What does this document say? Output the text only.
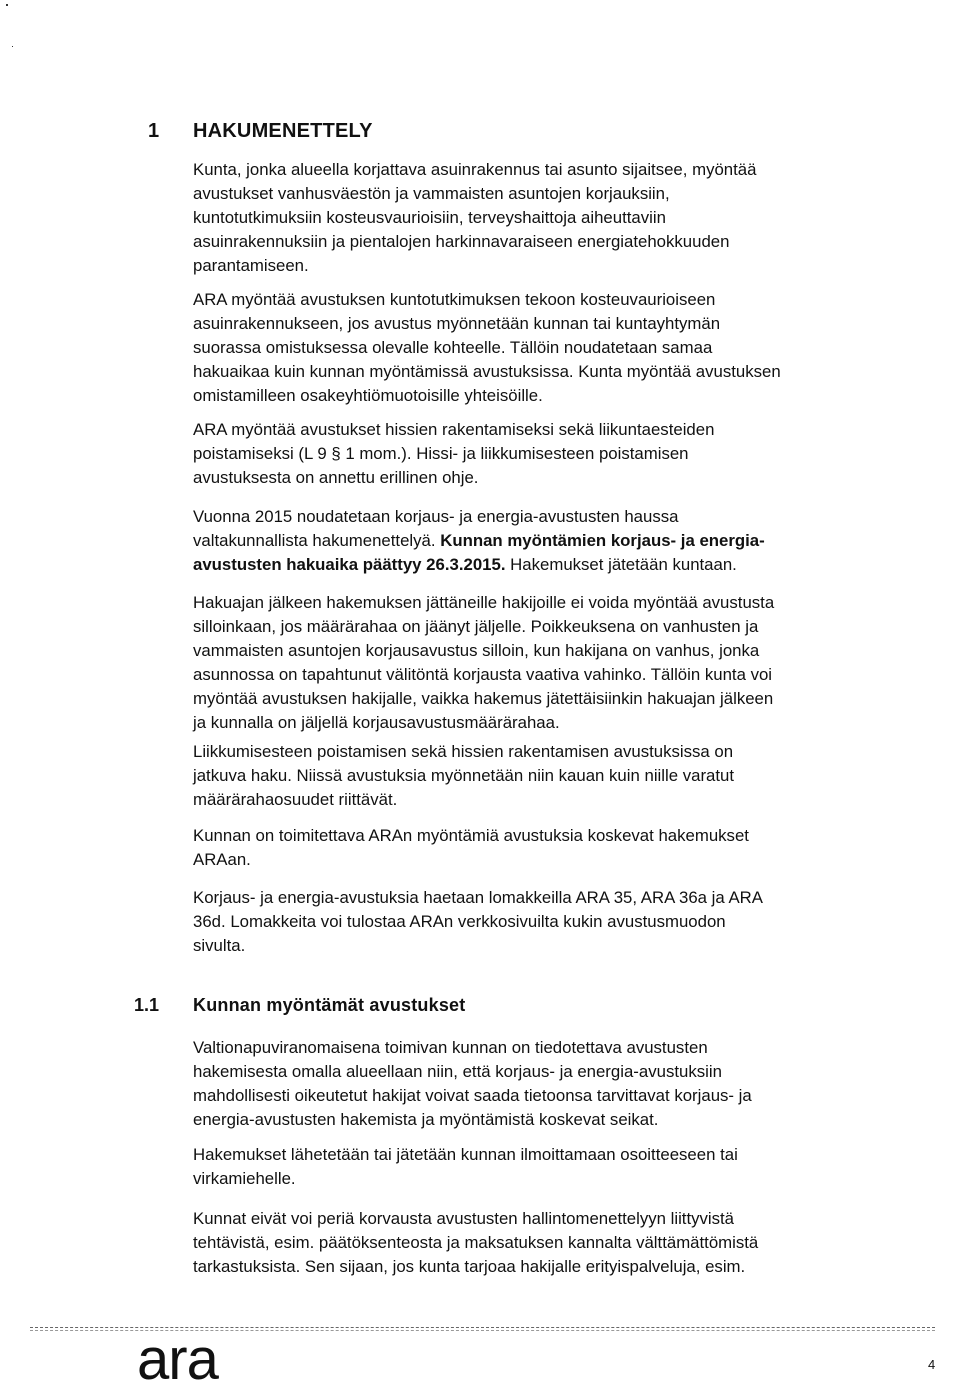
1 HAKUMENETTELY
Kunta, jonka alueella korjattava asuinrakennus tai asunto sijaitsee, myöntää
avustukset vanhusväestön ja vammaisten asuntojen korjauksiin,
kuntotutkimuksiin kosteusvaurioisiin, terveyshaittoja aiheuttaviin
asuinrakennuksiin ja pientalojen harkinnavaraiseen energiatehokkuuden
parantamiseen.
ARA myöntää avustuksen kuntotutkimuksen tekoon kosteuvaurioiseen
asuinrakennukseen, jos avustus myönnetään kunnan tai kuntayhtymän
suorassa omistuksessa olevalle kohteelle. Tällöin noudatetaan samaa
hakuaikaa kuin kunnan myöntämissä avustuksissa. Kunta myöntää avustuksen
omistamilleen osakeyhtiömuotoisille yhteisöille.
ARA myöntää avustukset hissien rakentamiseksi sekä liikuntaesteiden
poistamiseksi (L 9 § 1 mom.). Hissi- ja liikkumisesteen poistamisen
avustuksesta on annettu erillinen ohje.
Vuonna 2015 noudatetaan korjaus- ja energia-avustusten haussa
valtakunnallista hakumenettelyä. Kunnan myöntämien korjaus- ja energia-
avustusten hakuaika päättyy 26.3.2015. Hakemukset jätetään kuntaan.
Hakuajan jälkeen hakemuksen jättäneille hakijoille ei voida myöntää avustusta
silloinkaan, jos määrärahaa on jäänyt jäljelle. Poikkeuksena on vanhusten ja
vammaisten asuntojen korjausavustus silloin, kun hakijana on vanhus, jonka
asunnossa on tapahtunut välitöntä korjausta vaativa vahinko. Tällöin kunta voi
myöntää avustuksen hakijalle, vaikka hakemus jätettäisiinkin hakuajan jälkeen
ja kunnalla on jäljellä korjausavustusmäärärahaa.
Liikkumisesteen poistamisen sekä hissien rakentamisen avustuksissa on
jatkuva haku. Niissä avustuksia myönnetään niin kauan kuin niille varatut
määrärahaosuudet riittävät.
Kunnan on toimitettava ARAn myöntämiä avustuksia koskevat hakemukset
ARAan.
Korjaus- ja energia-avustuksia haetaan lomakkeilla ARA 35, ARA 36a ja ARA
36d. Lomakkeita voi tulostaa ARAn verkkosivuilta kukin avustusmuodon
sivulta.
1.1 Kunnan myöntämät avustukset
Valtionapuviranomaisena toimivan kunnan on tiedotettava avustusten
hakemisesta omalla alueellaan niin, että korjaus- ja energia-avustuksiin
mahdollisesti oikeutetut hakijat voivat saada tietoonsa tarvittavat korjaus- ja
energia-avustusten hakemista ja myöntämistä koskevat seikat.
Hakemukset lähetetään tai jätetään kunnan ilmoittamaan osoitteeseen tai
virkamiehelle.
Kunnat eivät voi periä korvausta avustusten hallintomenettelyyn liittyvistä
tehtävistä, esim. päätöksenteosta ja maksatuksen kannalta välttämättömistä
tarkastuksista. Sen sijaan, jos kunta tarjoaa hakijalle erityispalveluja, esim.
ara	4
